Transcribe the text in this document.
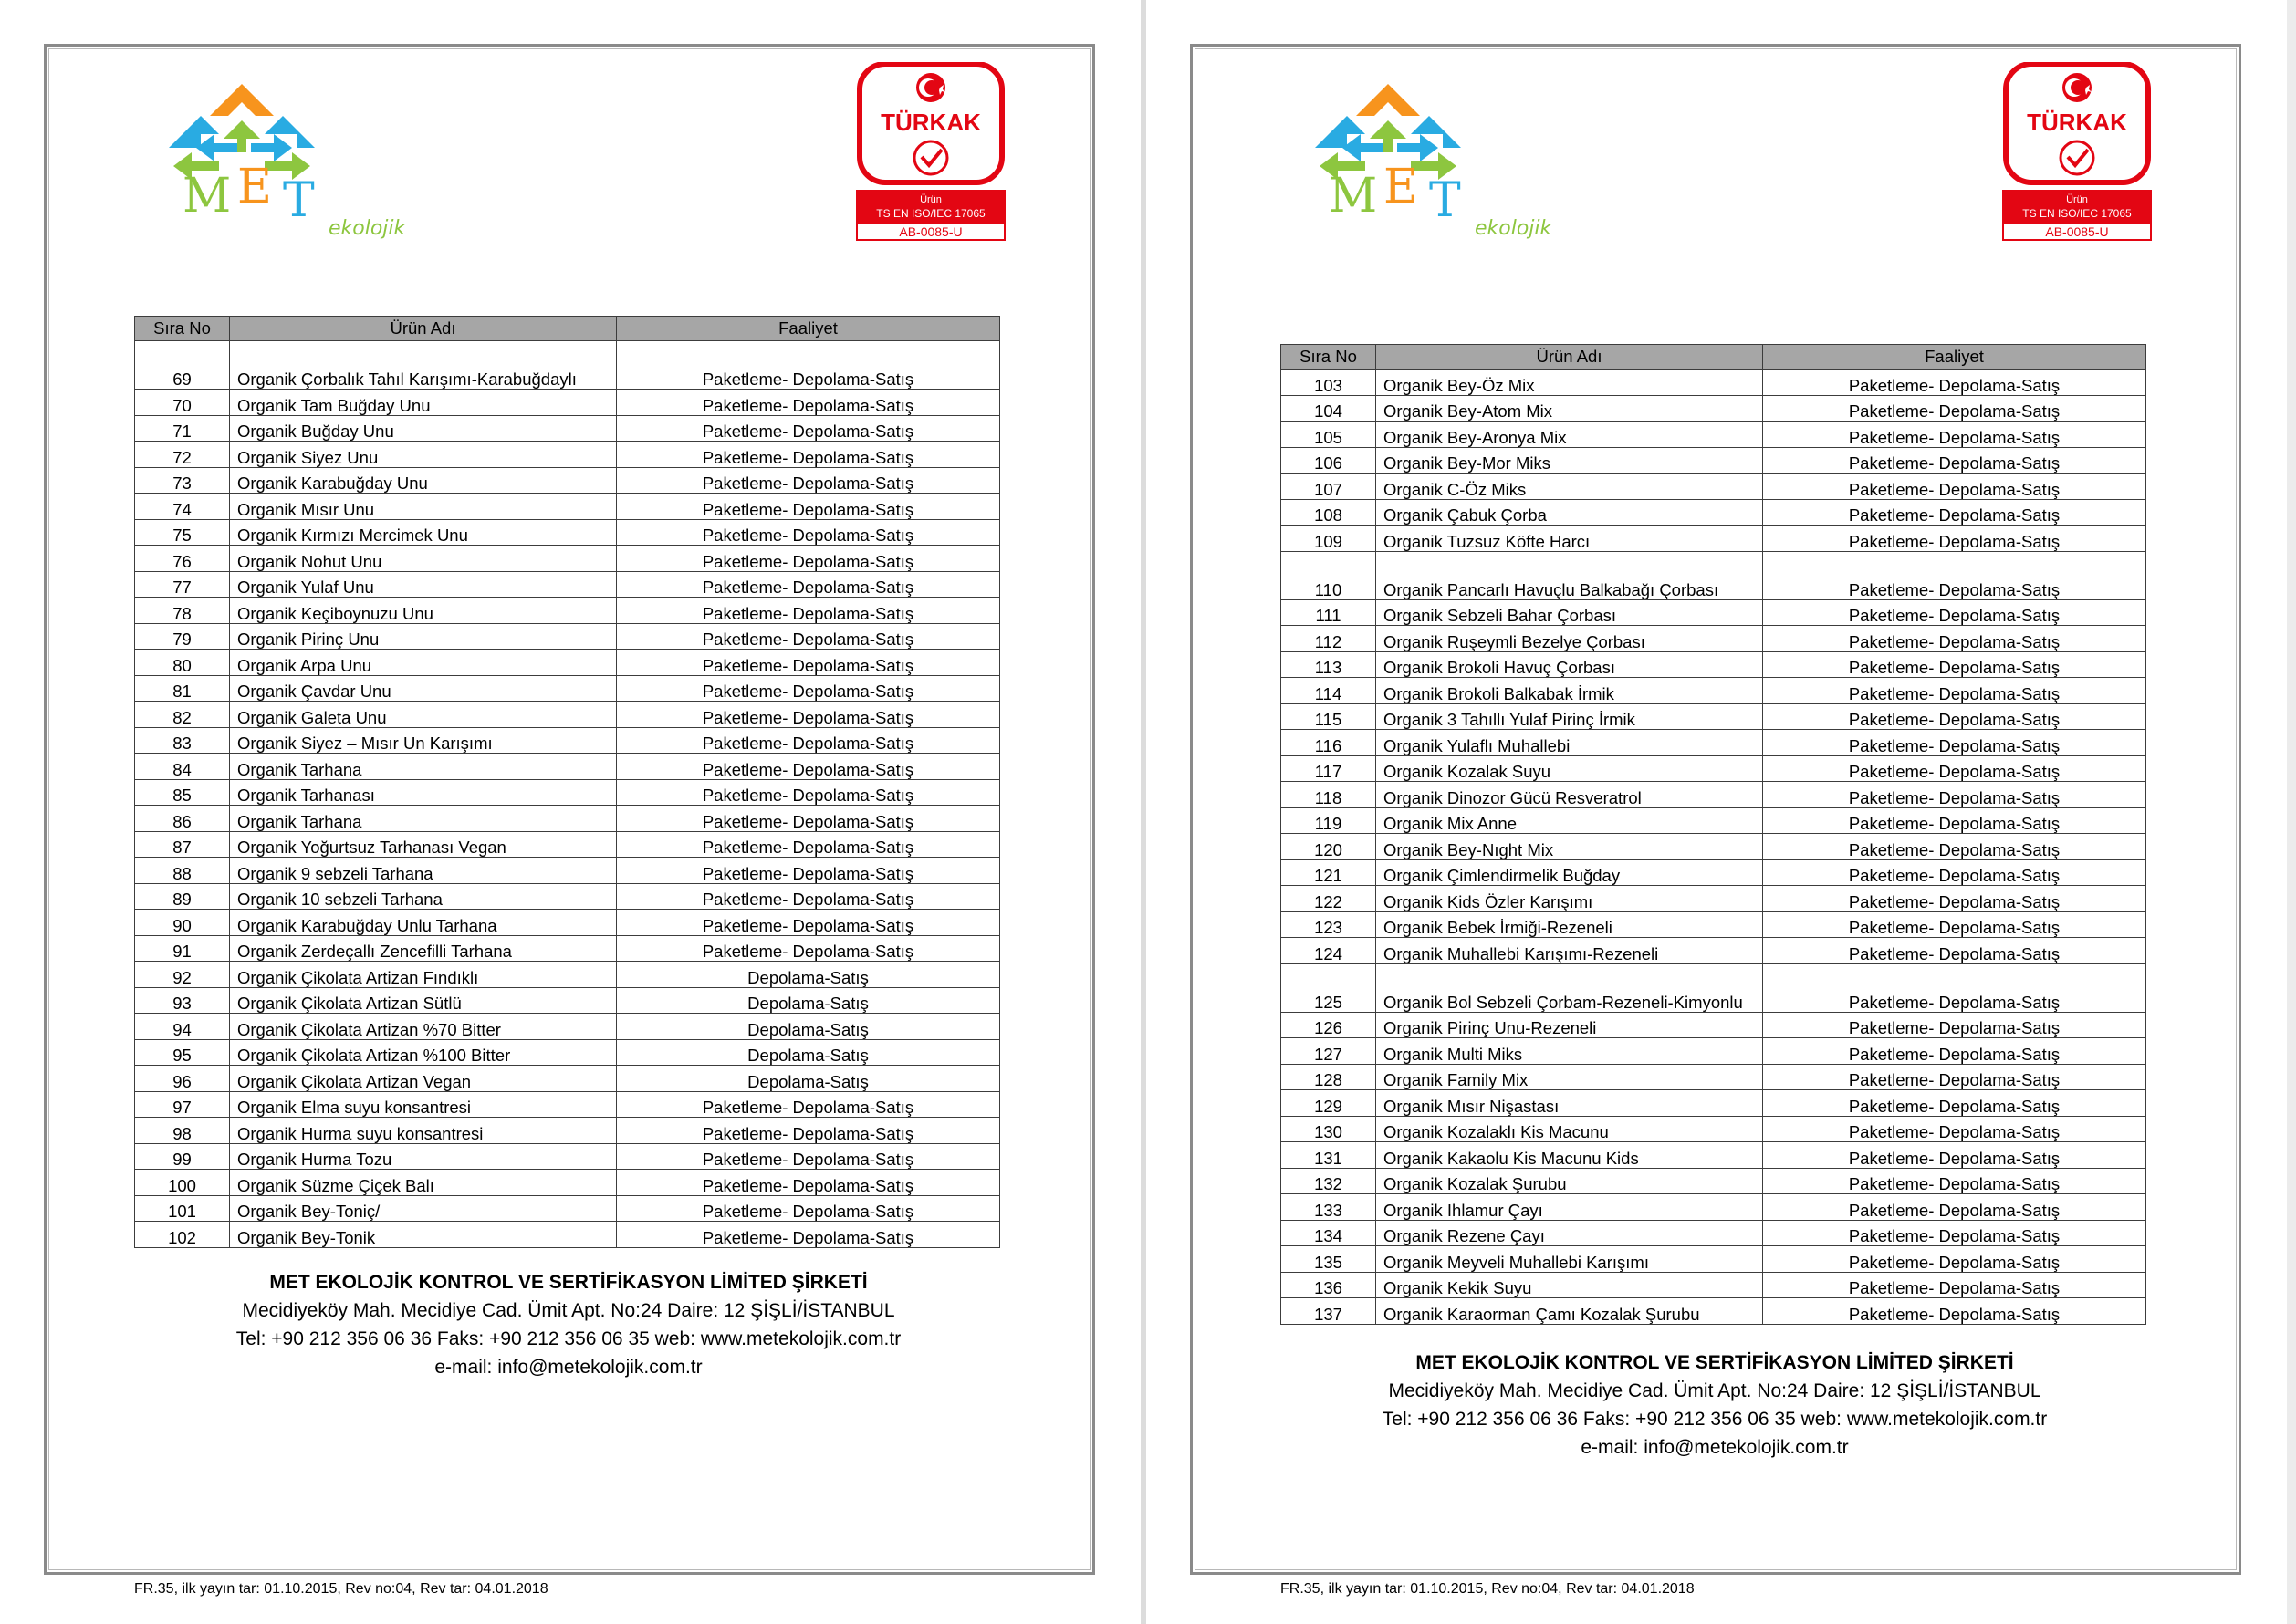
M E T
ekolojik
TÜRKAK
Ürün
TS EN ISO/IEC 17065
AB-0085-U
Sıra No	Ürün Adı	Faaliyet
69	Organik Çorbalık Tahıl Karışımı-Karabuğdaylı	Paketleme- Depolama-Satış
70	Organik Tam Buğday Unu	Paketleme- Depolama-Satış
71	Organik Buğday Unu	Paketleme- Depolama-Satış
72	Organik Siyez Unu	Paketleme- Depolama-Satış
73	Organik Karabuğday Unu	Paketleme- Depolama-Satış
74	Organik Mısır Unu	Paketleme- Depolama-Satış
75	Organik Kırmızı Mercimek Unu	Paketleme- Depolama-Satış
76	Organik Nohut Unu	Paketleme- Depolama-Satış
77	Organik Yulaf Unu	Paketleme- Depolama-Satış
78	Organik Keçiboynuzu Unu	Paketleme- Depolama-Satış
79	Organik Pirinç Unu	Paketleme- Depolama-Satış
80	Organik Arpa Unu	Paketleme- Depolama-Satış
81	Organik Çavdar Unu	Paketleme- Depolama-Satış
82	Organik Galeta Unu	Paketleme- Depolama-Satış
83	Organik Siyez – Mısır Un Karışımı	Paketleme- Depolama-Satış
84	Organik Tarhana	Paketleme- Depolama-Satış
85	Organik Tarhanası	Paketleme- Depolama-Satış
86	Organik Tarhana	Paketleme- Depolama-Satış
87	Organik Yoğurtsuz Tarhanası Vegan	Paketleme- Depolama-Satış
88	Organik 9 sebzeli Tarhana	Paketleme- Depolama-Satış
89	Organik 10 sebzeli Tarhana	Paketleme- Depolama-Satış
90	Organik Karabuğday Unlu Tarhana	Paketleme- Depolama-Satış
91	Organik Zerdeçallı Zencefilli Tarhana	Paketleme- Depolama-Satış
92	Organik Çikolata Artizan Fındıklı	Depolama-Satış
93	Organik Çikolata Artizan Sütlü	Depolama-Satış
94	Organik Çikolata Artizan %70 Bitter	Depolama-Satış
95	Organik Çikolata Artizan %100 Bitter	Depolama-Satış
96	Organik Çikolata Artizan Vegan	Depolama-Satış
97	Organik Elma suyu konsantresi	Paketleme- Depolama-Satış
98	Organik Hurma suyu konsantresi	Paketleme- Depolama-Satış
99	Organik Hurma Tozu	Paketleme- Depolama-Satış
100	Organik Süzme Çiçek Balı	Paketleme- Depolama-Satış
101	Organik Bey-Toniç/	Paketleme- Depolama-Satış
102	Organik Bey-Tonik	Paketleme- Depolama-Satış
MET EKOLOJİK KONTROL VE SERTİFİKASYON LİMİTED ŞİRKETİ
Mecidiyeköy Mah. Mecidiye Cad. Ümit Apt. No:24 Daire: 12 ŞİŞLİ/İSTANBUL
Tel: +90 212 356 06 36 Faks: +90 212 356 06 35 web: www.metekolojik.com.tr
e-mail: info@metekolojik.com.tr
FR.35, ilk yayın tar: 01.10.2015, Rev no:04, Rev tar: 04.01.2018
M E T
ekolojik
TÜRKAK
Ürün
TS EN ISO/IEC 17065
AB-0085-U
Sıra No	Ürün Adı	Faaliyet
103	Organik Bey-Öz Mix	Paketleme- Depolama-Satış
104	Organik Bey-Atom Mix	Paketleme- Depolama-Satış
105	Organik Bey-Aronya Mix	Paketleme- Depolama-Satış
106	Organik Bey-Mor Miks	Paketleme- Depolama-Satış
107	Organik C-Öz Miks	Paketleme- Depolama-Satış
108	Organik Çabuk Çorba	Paketleme- Depolama-Satış
109	Organik Tuzsuz Köfte Harcı	Paketleme- Depolama-Satış
110	Organik Pancarlı Havuçlu Balkabağı Çorbası	Paketleme- Depolama-Satış
111	Organik Sebzeli Bahar Çorbası	Paketleme- Depolama-Satış
112	Organik Ruşeymli Bezelye Çorbası	Paketleme- Depolama-Satış
113	Organik Brokoli Havuç Çorbası	Paketleme- Depolama-Satış
114	Organik Brokoli Balkabak İrmik	Paketleme- Depolama-Satış
115	Organik 3 Tahıllı Yulaf Pirinç İrmik	Paketleme- Depolama-Satış
116	Organik Yulaflı Muhallebi	Paketleme- Depolama-Satış
117	Organik Kozalak Suyu	Paketleme- Depolama-Satış
118	Organik Dinozor Gücü Resveratrol	Paketleme- Depolama-Satış
119	Organik Mix Anne	Paketleme- Depolama-Satış
120	Organik Bey-Nıght Mix	Paketleme- Depolama-Satış
121	Organik Çimlendirmelik Buğday	Paketleme- Depolama-Satış
122	Organik Kids Özler Karışımı	Paketleme- Depolama-Satış
123	Organik Bebek İrmiği-Rezeneli	Paketleme- Depolama-Satış
124	Organik Muhallebi Karışımı-Rezeneli	Paketleme- Depolama-Satış
125	Organik Bol Sebzeli Çorbam-Rezeneli-Kimyonlu	Paketleme- Depolama-Satış
126	Organik Pirinç Unu-Rezeneli	Paketleme- Depolama-Satış
127	Organik Multi Miks	Paketleme- Depolama-Satış
128	Organik Family Mix	Paketleme- Depolama-Satış
129	Organik Mısır Nişastası	Paketleme- Depolama-Satış
130	Organik Kozalaklı Kis Macunu	Paketleme- Depolama-Satış
131	Organik Kakaolu Kis Macunu Kids	Paketleme- Depolama-Satış
132	Organik Kozalak Şurubu	Paketleme- Depolama-Satış
133	Organik Ihlamur Çayı	Paketleme- Depolama-Satış
134	Organik Rezene Çayı	Paketleme- Depolama-Satış
135	Organik Meyveli Muhallebi Karışımı	Paketleme- Depolama-Satış
136	Organik Kekik Suyu	Paketleme- Depolama-Satış
137	Organik Karaorman Çamı Kozalak Şurubu	Paketleme- Depolama-Satış
MET EKOLOJİK KONTROL VE SERTİFİKASYON LİMİTED ŞİRKETİ
Mecidiyeköy Mah. Mecidiye Cad. Ümit Apt. No:24 Daire: 12 ŞİŞLİ/İSTANBUL
Tel: +90 212 356 06 36 Faks: +90 212 356 06 35 web: www.metekolojik.com.tr
e-mail: info@metekolojik.com.tr
FR.35, ilk yayın tar: 01.10.2015, Rev no:04, Rev tar: 04.01.2018
